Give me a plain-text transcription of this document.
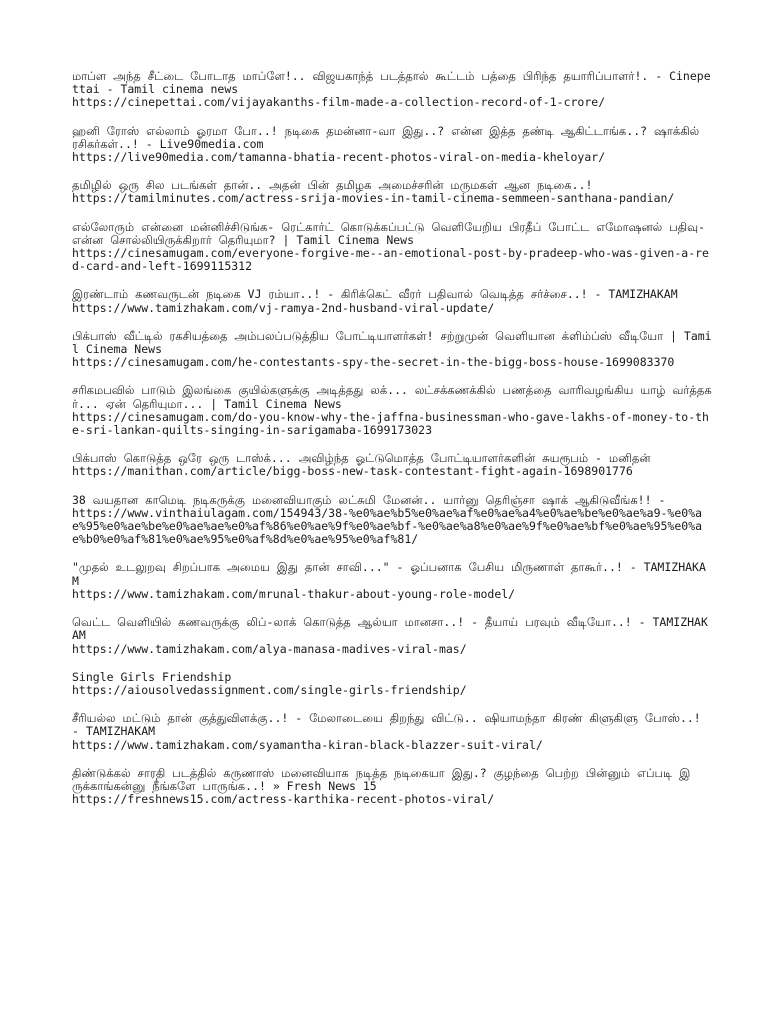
மாப்ள அந்த சீட்டை போடாத மாப்ளே!.. விஜயகாந்த் படத்தால் கூட்டம் பத்தை பிரிந்த தயாரிப்பாளர்!. - Cinepettai - Tamil cinema news
https://cinepettai.com/vijayakanths-film-made-a-collection-record-of-1-crore/
ஹனி ரோஸ் எல்லாம் ஓரமா போ..! நடிகை தமன்னா-வா இது..? என்ன இத்த தண்டி ஆகிட்டாங்க..? ஷாக்கில் ரசிகர்கள்..! - Live90media.com
https://live90media.com/tamanna-bhatia-recent-photos-viral-on-media-kheloyar/
தமிழில் ஒரு சில படங்கள் தான்.. அதன் பின் தமிழக அமைச்சரின் மருமகள் ஆன நடிகை..!
https://tamilminutes.com/actress-srija-movies-in-tamil-cinema-semmeen-santhana-pandian/
எல்லோரும் என்னை மன்னிச்சிடுங்க- ரெட்கார்ட் கொடுக்கப்பட்டு வெளியேறிய பிரதீப் போட்ட எமோஷனல் பதிவு- என்ன சொல்லியிருக்கிறார் தெரியுமா? | Tamil Cinema News
https://cinesamugam.com/everyone-forgive-me--an-emotional-post-by-pradeep-who-was-given-a-red-card-and-left-1699115312
இரண்டாம் கணவருடன் நடிகை VJ ரம்யா..! - கிரிக்கெட் வீரர் பதிவால் வெடித்த சர்ச்சை..! - TAMIZHAKAM
https://www.tamizhakam.com/vj-ramya-2nd-husband-viral-update/
பிக்பாஸ் வீட்டில் ரகசியத்தை அம்பலப்படுத்திய போட்டியாளர்கள்! சற்றுமுன் வெளியான க்ளிம்ப்ஸ் வீடியோ | Tamil Cinema News
https://cinesamugam.com/he-contestants-spy-the-secret-in-the-bigg-boss-house-1699083370
சரிகமபவில் பாடும் இலங்கை குயில்களுக்கு அடித்தது லக்... லட்சக்கணக்கில் பணத்தை வாரிவழங்கிய யாழ் வர்த்தகர்... ஏன் தெரியுமா... | Tamil Cinema News
https://cinesamugam.com/do-you-know-why-the-jaffna-businessman-who-gave-lakhs-of-money-to-the-sri-lankan-quilts-singing-in-sarigamaba-1699173023
பிக்பாஸ் கொடுத்த ஒரே ஒரு டாஸ்க்... அவிழ்ந்த ஓட்டுமொத்த போட்டியாளர்களின் சுயரூபம் - மனிதன்
https://manithan.com/article/bigg-boss-new-task-contestant-fight-again-1698901776
38 வயதான காமெடி நடிகருக்கு மனைவியாகும் லட்சுமி மேனன்.. யார்னு தெரிஞ்சா ஷாக் ஆகிடுவீங்க!! -
https://www.vinthaiulagam.com/154943/38-%e0%ae%b5%e0%ae%af%e0%ae%a4%e0%ae%be%e0%ae%a9-%e0%ae%95%e0%ae%be%e0%ae%ae%e0%af%86%e0%ae%9f%e0%ae%bf-%e0%ae%a8%e0%ae%9f%e0%ae%bf%e0%ae%95%e0%ae%b0%e0%af%81%e0%ae%95%e0%af%8d%e0%ae%95%e0%af%81/
"முதல் உடலுறவு சிறப்பாக அமைய இது தான் சாவி..." - ஓப்பனாக பேசிய மிருணாள் தாகூர்..! - TAMIZHAKAM
https://www.tamizhakam.com/mrunal-thakur-about-young-role-model/
வெட்ட வெளியில் கணவருக்கு லிப்-லாக் கொடுத்த ஆல்யா மானசா..! - தீயாய் பரவும் வீடியோ..! - TAMIZHAKAM
https://www.tamizhakam.com/alya-manasa-madives-viral-mas/
Single Girls Friendship
https://aiousolvedassignment.com/single-girls-friendship/
சீரியல்ல மட்டும் தான் குத்துவிளக்கு..! - மேலாடையை திறந்து விட்டு.. ஷியாமந்தா கிரண் கிளுகிளு போஸ்..! - TAMIZHAKAM
https://www.tamizhakam.com/syamantha-kiran-black-blazzer-suit-viral/
திண்டுக்கல் சாரதி படத்தில் கருணாஸ் மனைவியாக நடித்த நடிகையா இது.? குழந்தை பெற்ற பின்னும் எப்படி இருக்காங்கன்னு நீங்களே பாருங்க..! » Fresh News 15
https://freshnews15.com/actress-karthika-recent-photos-viral/
